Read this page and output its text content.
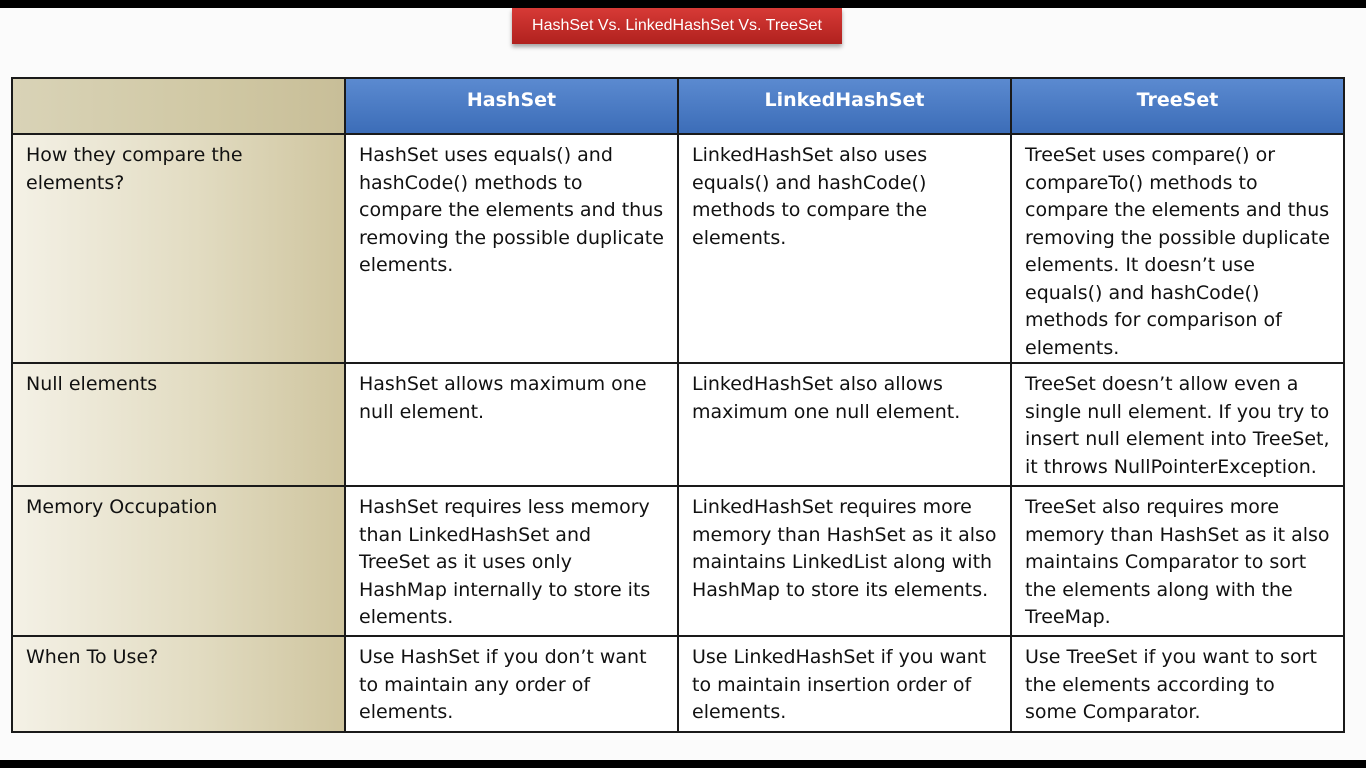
HashSet Vs. LinkedHashSet Vs. TreeSet
	HashSet	LinkedHashSet	TreeSet
How they compare the elements?	HashSet uses equals() and hashCode() methods to compare the elements and thus removing the possible duplicate elements.	LinkedHashSet also uses equals() and hashCode() methods to compare the elements.	TreeSet uses compare() or compareTo() methods to compare the elements and thus removing the possible duplicate elements. It doesn’t use equals() and hashCode() methods for comparison of elements.
Null elements	HashSet allows maximum one null element.	LinkedHashSet also allows maximum one null element.	TreeSet doesn’t allow even a single null element. If you try to insert null element into TreeSet, it throws NullPointerException.
Memory Occupation	HashSet requires less memory than LinkedHashSet and TreeSet as it uses only HashMap internally to store its elements.	LinkedHashSet requires more memory than HashSet as it also maintains LinkedList along with HashMap to store its elements.	TreeSet also requires more memory than HashSet as it also maintains Comparator to sort the elements along with the TreeMap.
When To Use?	Use HashSet if you don’t want to maintain any order of elements.	Use LinkedHashSet if you want to maintain insertion order of elements.	Use TreeSet if you want to sort the elements according to some Comparator.
